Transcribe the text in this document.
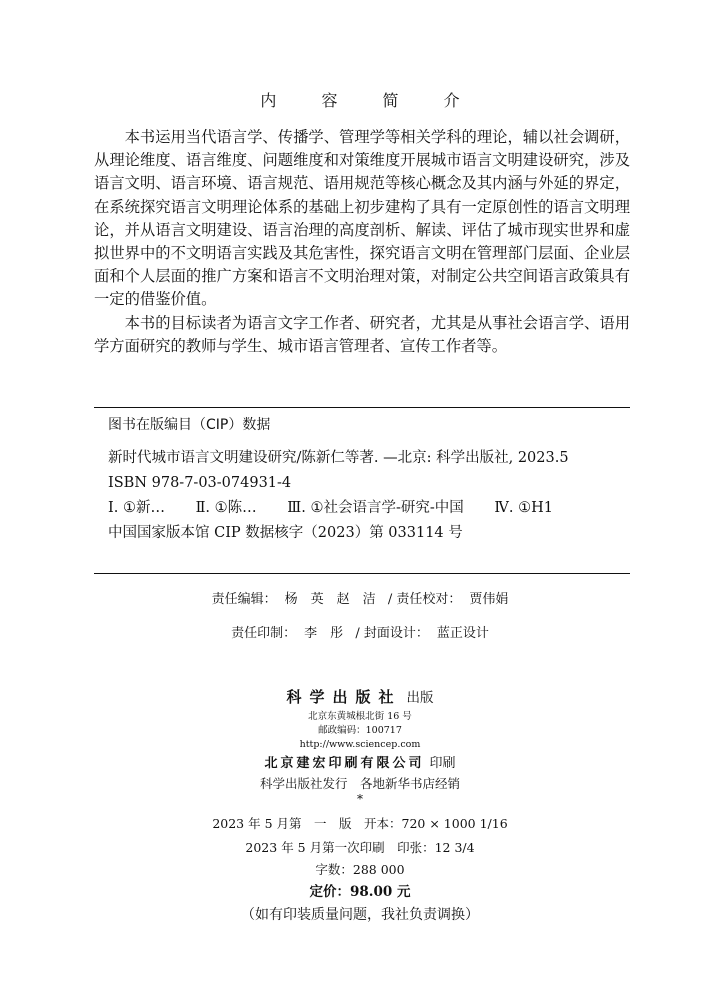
内 容 简 介

本书运用当代语言学、传播学、管理学等相关学科的理论，辅以社会调研，从理论维度、语言维度、问题维度和对策维度开展城市语言文明建设研究，涉及语言文明、语言环境、语言规范、语用规范等核心概念及其内涵与外延的界定，在系统探究语言文明理论体系的基础上初步建构了具有一定原创性的语言文明理论，并从语言文明建设、语言治理的高度剖析、解读、评估了城市现实世界和虚拟世界中的不文明语言实践及其危害性，探究语言文明在管理部门层面、企业层面和个人层面的推广方案和语言不文明治理对策，对制定公共空间语言政策具有一定的借鉴价值。

本书的目标读者为语言文字工作者、研究者，尤其是从事社会语言学、语用学方面研究的教师与学生、城市语言管理者、宣传工作者等。

图书在版编目（CIP）数据
新时代城市语言文明建设研究/陈新仁等著. —北京: 科学出版社, 2023.5
ISBN 978-7-03-074931-4
Ⅰ. ①新… Ⅱ. ①陈… Ⅲ. ①社会语言学-研究-中国 Ⅳ. ①H1
中国国家版本馆 CIP 数据核字（2023）第 033114 号
责任编辑： 杨　英　赵　洁 / 责任校对： 贾伟娟
责任印制： 李　彤 / 封面设计： 蓝正设计
科学出版社 出版
北京东黄城根北街 16 号
邮政编码：100717
http://www.sciencep.com
北京建宏印刷有限公司 印刷
科学出版社发行　各地新华书店经销
*
2023 年 5 月第　一　版　开本：720 × 1000 1/16
2023 年 5 月第一次印刷　印张：12 3/4
字数：288 000
定价：98.00 元
（如有印装质量问题，我社负责调换）
